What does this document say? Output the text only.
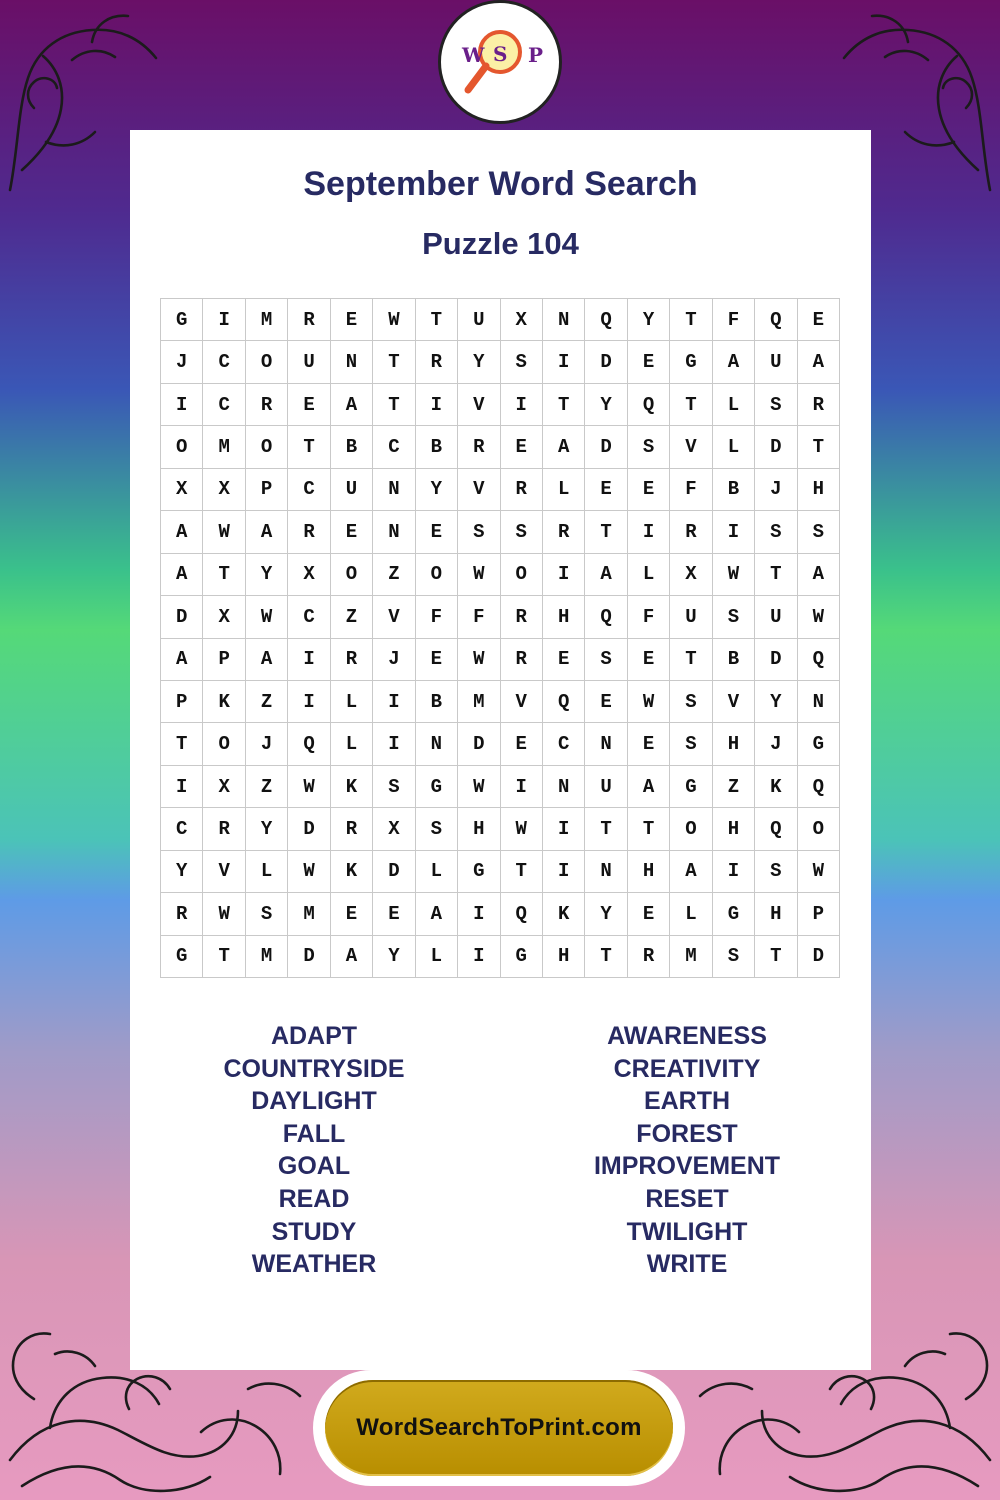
September Word Search
Puzzle 104
G	I	M	R	E	W	T	U	X	N	Q	Y	T	F	Q	E
J	C	O	U	N	T	R	Y	S	I	D	E	G	A	U	A
I	C	R	E	A	T	I	V	I	T	Y	Q	T	L	S	R
O	M	O	T	B	C	B	R	E	A	D	S	V	L	D	T
X	X	P	C	U	N	Y	V	R	L	E	E	F	B	J	H
A	W	A	R	E	N	E	S	S	R	T	I	R	I	S	S
A	T	Y	X	O	Z	O	W	O	I	A	L	X	W	T	A
D	X	W	C	Z	V	F	F	R	H	Q	F	U	S	U	W
A	P	A	I	R	J	E	W	R	E	S	E	T	B	D	Q
P	K	Z	I	L	I	B	M	V	Q	E	W	S	V	Y	N
T	O	J	Q	L	I	N	D	E	C	N	E	S	H	J	G
I	X	Z	W	K	S	G	W	I	N	U	A	G	Z	K	Q
C	R	Y	D	R	X	S	H	W	I	T	T	O	H	Q	O
Y	V	L	W	K	D	L	G	T	I	N	H	A	I	S	W
R	W	S	M	E	E	A	I	Q	K	Y	E	L	G	H	P
G	T	M	D	A	Y	L	I	G	H	T	R	M	S	T	D
ADAPT
COUNTRYSIDE
DAYLIGHT
FALL
GOAL
READ
STUDY
WEATHER
AWARENESS
CREATIVITY
EARTH
FOREST
IMPROVEMENT
RESET
TWILIGHT
WRITE
W S P
WordSearchToPrint.com
